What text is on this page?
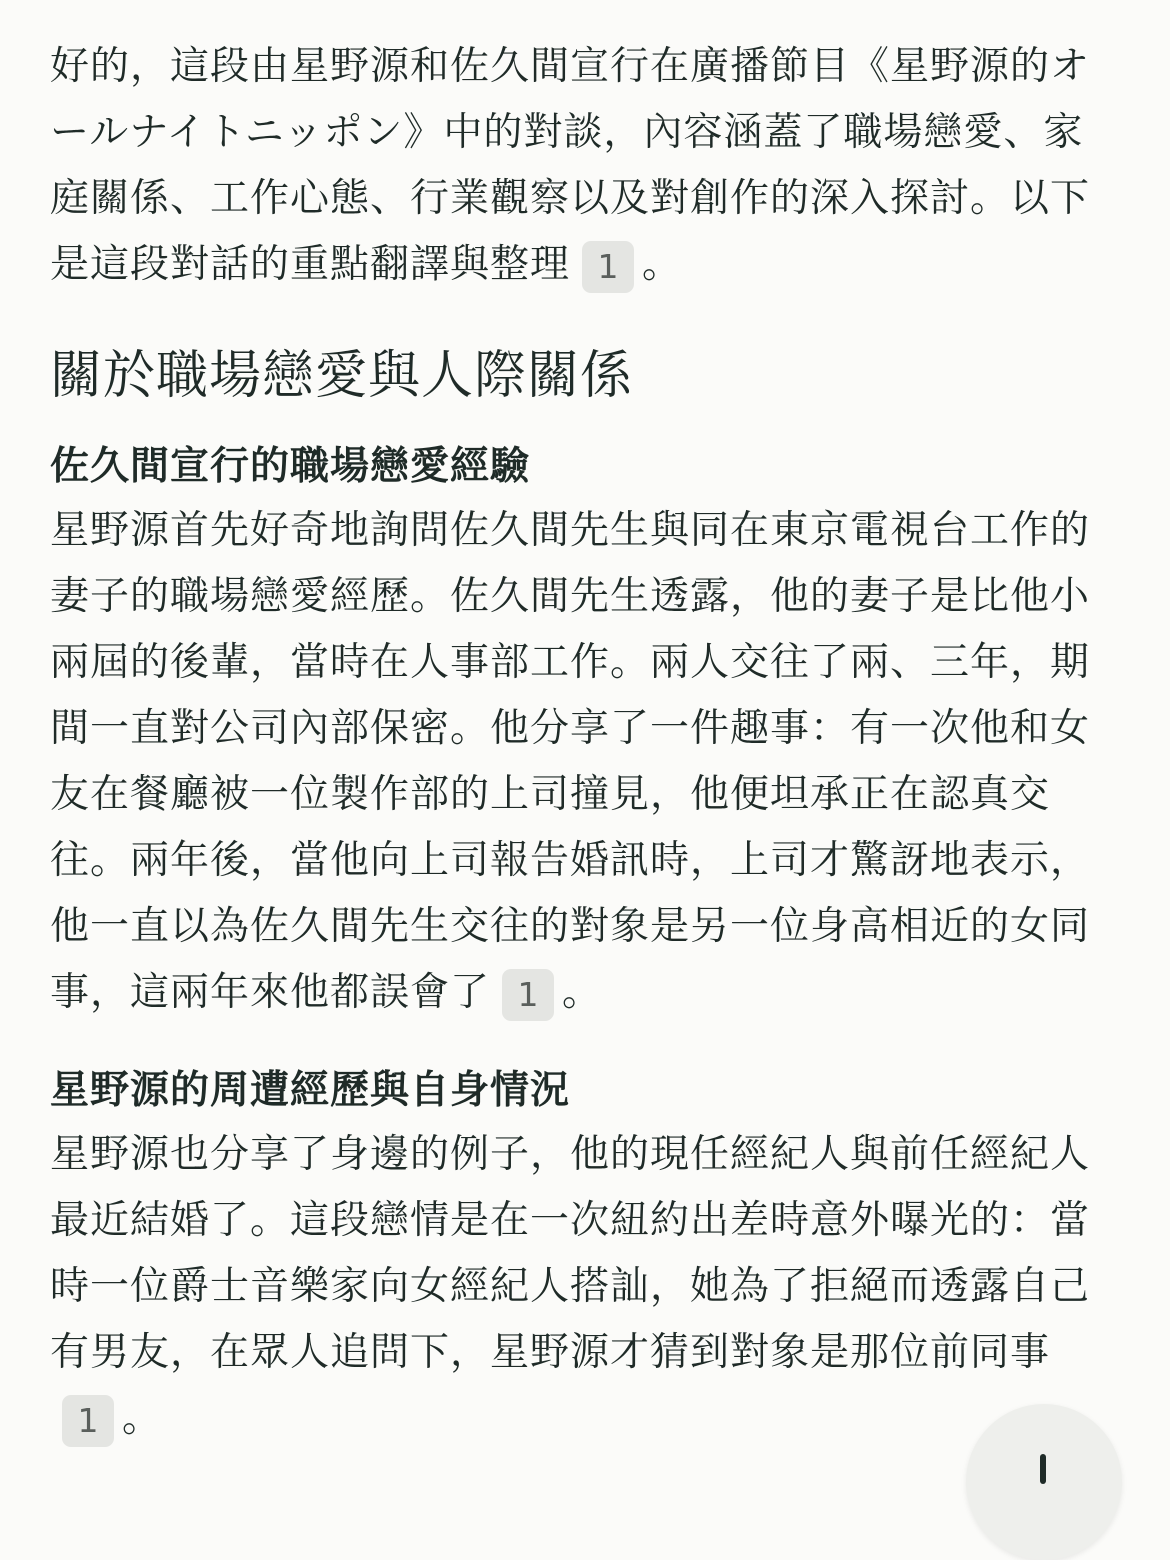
好的，這段由星野源和佐久間宣行在廣播節目《星野源的オールナイトニッポン》中的對談，內容涵蓋了職場戀愛、家庭關係、工作心態、行業觀察以及對創作的深入探討。以下是這段對話的重點翻譯與整理 1 。

關於職場戀愛與人際關係
佐久間宣行的職場戀愛經驗

星野源首先好奇地詢問佐久間先生與同在東京電視台工作的妻子的職場戀愛經歷。佐久間先生透露，他的妻子是比他小兩屆的後輩，當時在人事部工作。兩人交往了兩、三年，期間一直對公司內部保密。他分享了一件趣事：有一次他和女友在餐廳被一位製作部的上司撞見，他便坦承正在認真交往。兩年後，當他向上司報告婚訊時，上司才驚訝地表示，他一直以為佐久間先生交往的對象是另一位身高相近的女同事，這兩年來他都誤會了 1 。

星野源的周遭經歷與自身情況

星野源也分享了身邊的例子，他的現任經紀人與前任經紀人最近結婚了。這段戀情是在一次紐約出差時意外曝光的：當時一位爵士音樂家向女經紀人搭訕，她為了拒絕而透露自己有男友，在眾人追問下，星野源才猜到對象是那位前同事1 。
